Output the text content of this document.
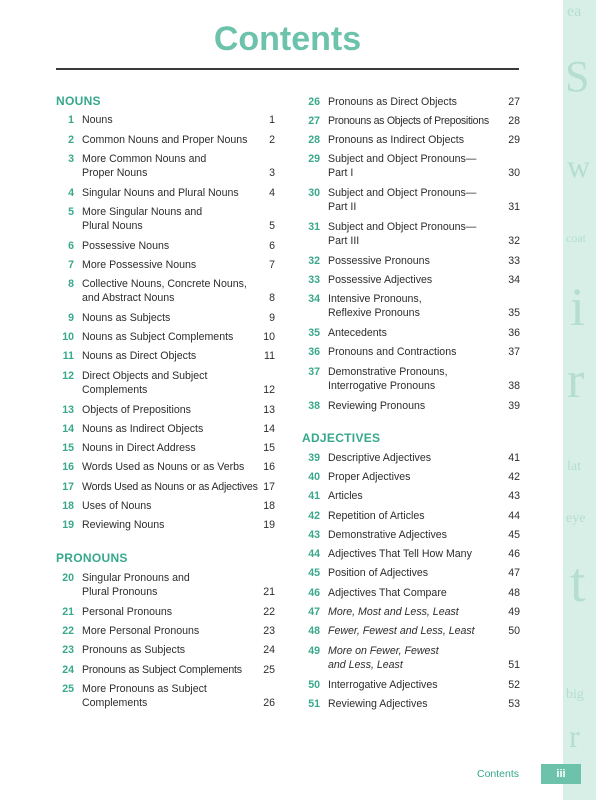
ea
S
w
coat
i
r
lat
eye
t
big
r
Contents
NOUNS
1 Nouns	1
2 Common Nouns and Proper Nouns 2
3 More Common Nouns and Proper Nouns	3
4 Singular Nouns and Plural Nouns	4
5 More Singular Nouns and Plural Nouns	5
6 Possessive Nouns	6
7 More Possessive Nouns	7
8 Collective Nouns, Concrete Nouns, and Abstract Nouns	8
9 Nouns as Subjects	9
10 Nouns as Subject Complements	10
11 Nouns as Direct Objects	11
12 Direct Objects and Subject Complements	12
13 Objects of Prepositions	13
14 Nouns as Indirect Objects	14
15 Nouns in Direct Address	15
16 Words Used as Nouns or as Verbs	16
17 Words Used as Nouns or as Adjectives 17
18 Uses of Nouns	18
19 Reviewing Nouns	19
PRONOUNS
20 Singular Pronouns and Plural Pronouns	21
21 Personal Pronouns	22
22 More Personal Pronouns	23
23 Pronouns as Subjects	24
24 Pronouns as Subject Complements	25
25 More Pronouns as Subject Complements	26
26 Pronouns as Direct Objects	27
27 Pronouns as Objects of Prepositions	28
28 Pronouns as Indirect Objects	29
29 Subject and Object Pronouns— Part I	30
30 Subject and Object Pronouns— Part II	31
31 Subject and Object Pronouns— Part III	32
32 Possessive Pronouns	33
33 Possessive Adjectives	34
34 Intensive Pronouns, Reflexive Pronouns	35
35 Antecedents	36
36 Pronouns and Contractions	37
37 Demonstrative Pronouns, Interrogative Pronouns	38
38 Reviewing Pronouns	39
ADJECTIVES
39 Descriptive Adjectives	41
40 Proper Adjectives	42
41 Articles	43
42 Repetition of Articles	44
43 Demonstrative Adjectives	45
44 Adjectives That Tell How Many	46
45 Position of Adjectives	47
46 Adjectives That Compare	48
47 More, Most and Less, Least	49
48 Fewer, Fewest and Less, Least	50
49 More on Fewer, Fewest and Less, Least	51
50 Interrogative Adjectives	52
51 Reviewing Adjectives	53
Contents	iii
